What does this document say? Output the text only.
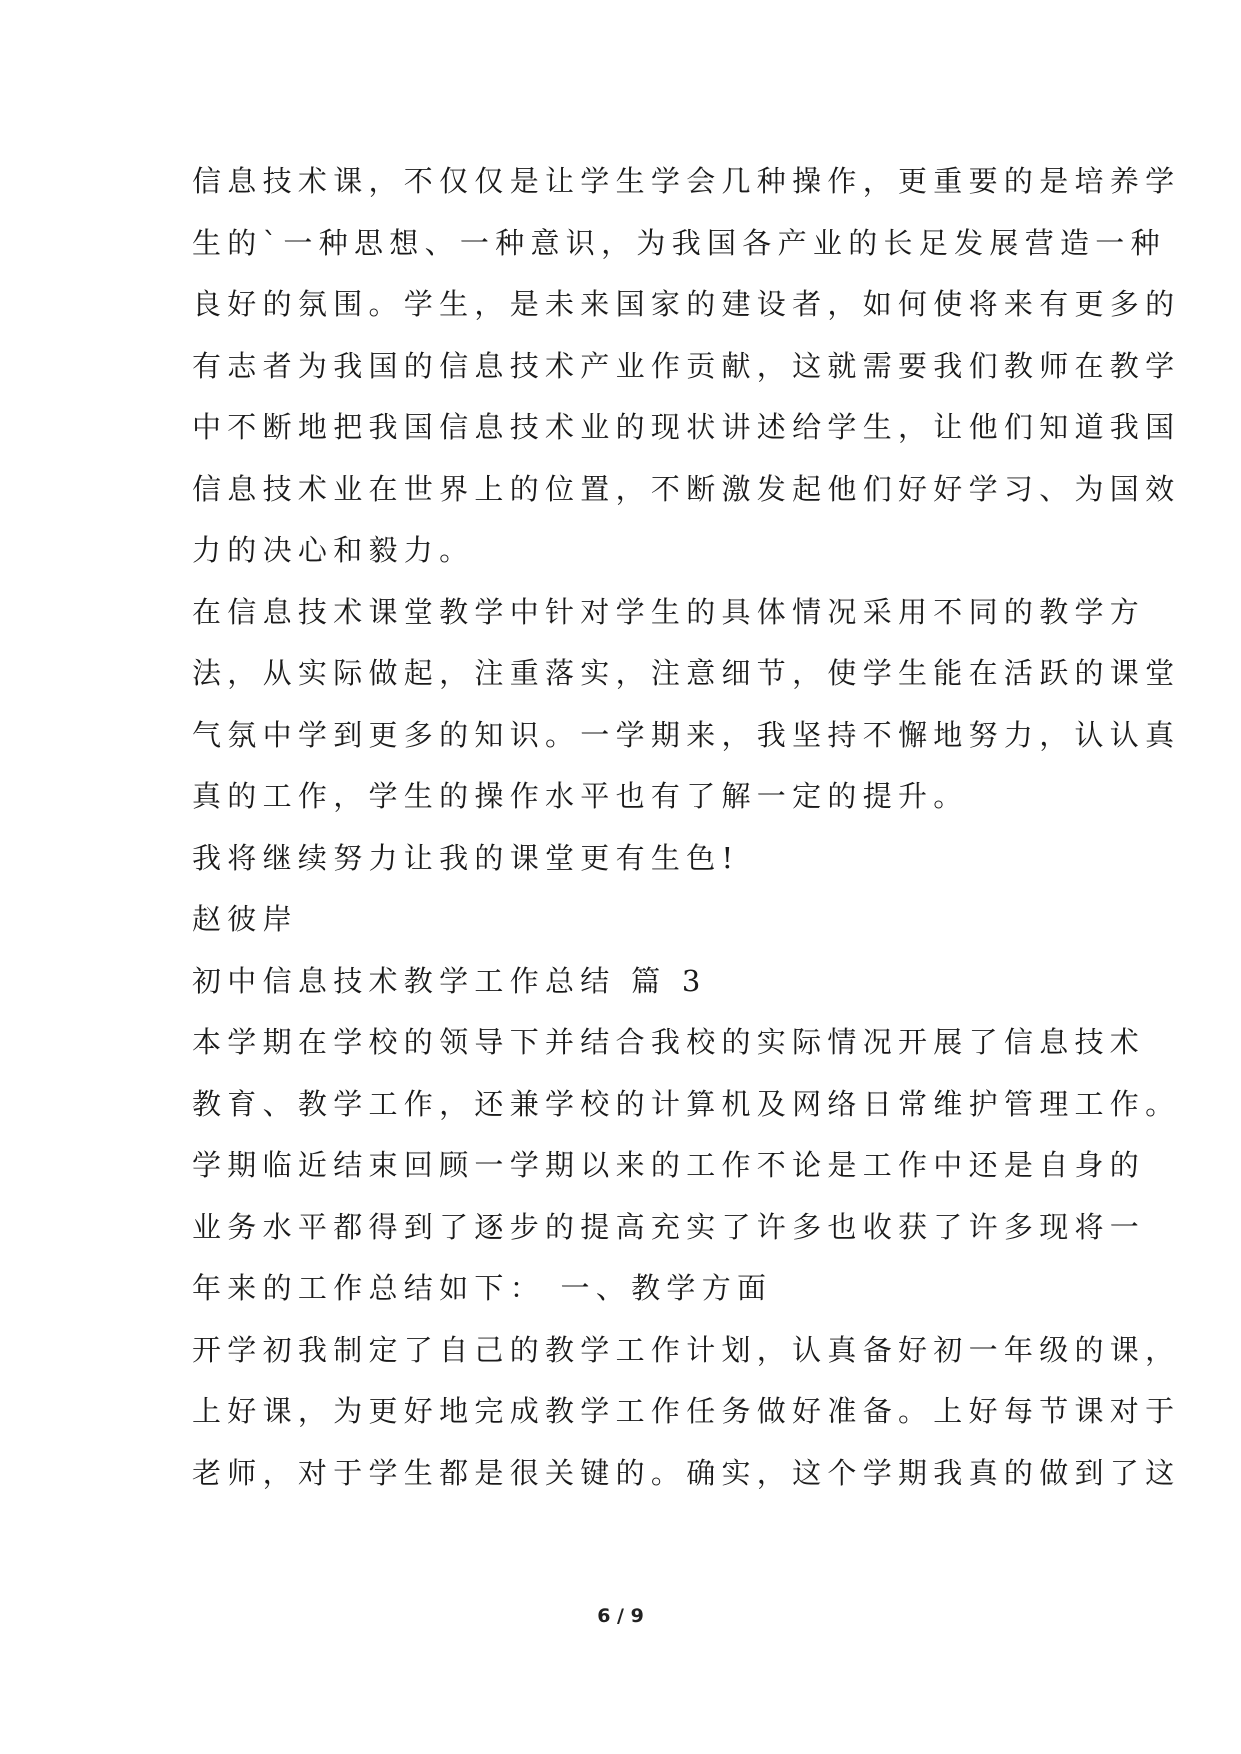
信息技术课，不仅仅是让学生学会几种操作，更重要的是培养学
生的`一种思想、一种意识，为我国各产业的长足发展营造一种
良好的氛围。学生，是未来国家的建设者，如何使将来有更多的
有志者为我国的信息技术产业作贡献，这就需要我们教师在教学
中不断地把我国信息技术业的现状讲述给学生，让他们知道我国
信息技术业在世界上的位置，不断激发起他们好好学习、为国效
力的决心和毅力。
在信息技术课堂教学中针对学生的具体情况采用不同的教学方
法，从实际做起，注重落实，注意细节，使学生能在活跃的课堂
气氛中学到更多的知识。一学期来，我坚持不懈地努力，认认真
真的工作，学生的操作水平也有了解一定的提升。
我将继续努力让我的课堂更有生色!
赵彼岸
初中信息技术教学工作总结 篇 3
本学期在学校的领导下并结合我校的实际情况开展了信息技术
教育、教学工作，还兼学校的计算机及网络日常维护管理工作。
学期临近结束回顾一学期以来的工作不论是工作中还是自身的
业务水平都得到了逐步的提高充实了许多也收获了许多现将一
年来的工作总结如下： 一、教学方面
开学初我制定了自己的教学工作计划，认真备好初一年级的课，
上好课，为更好地完成教学工作任务做好准备。上好每节课对于
老师，对于学生都是很关键的。确实，这个学期我真的做到了这
6 / 9
